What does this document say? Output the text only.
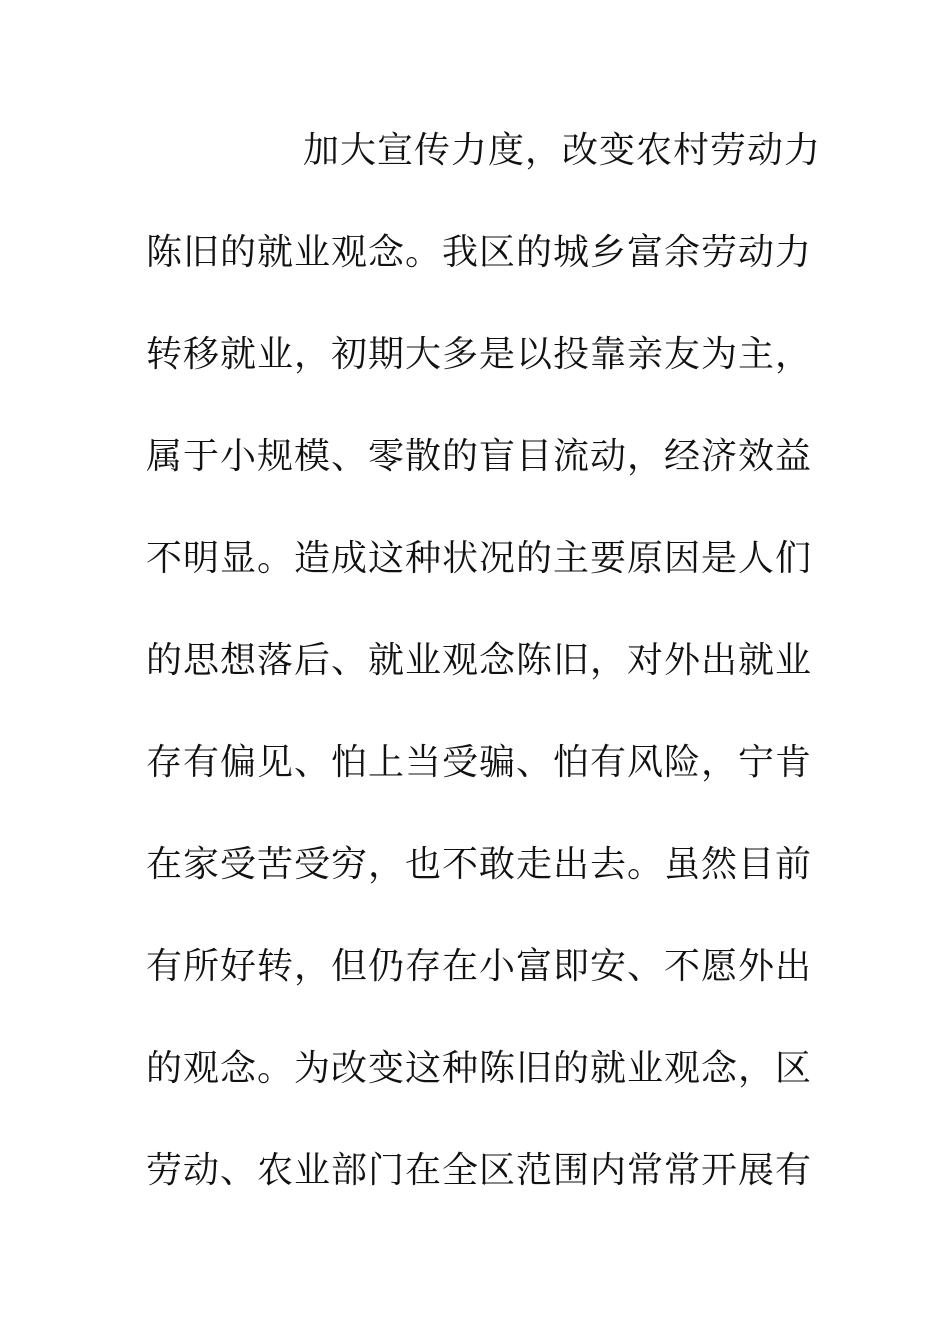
加大宣传力度，改变农村劳动力
陈旧的就业观念。我区的城乡富余劳动力
转移就业，初期大多是以投靠亲友为主，
属于小规模、零散的盲目流动，经济效益
不明显。造成这种状况的主要原因是人们
的思想落后、就业观念陈旧，对外出就业
存有偏见、怕上当受骗、怕有风险，宁肯
在家受苦受穷，也不敢走出去。虽然目前
有所好转，但仍存在小富即安、不愿外出
的观念。为改变这种陈旧的就业观念，区
劳动、农业部门在全区范围内常常开展有
